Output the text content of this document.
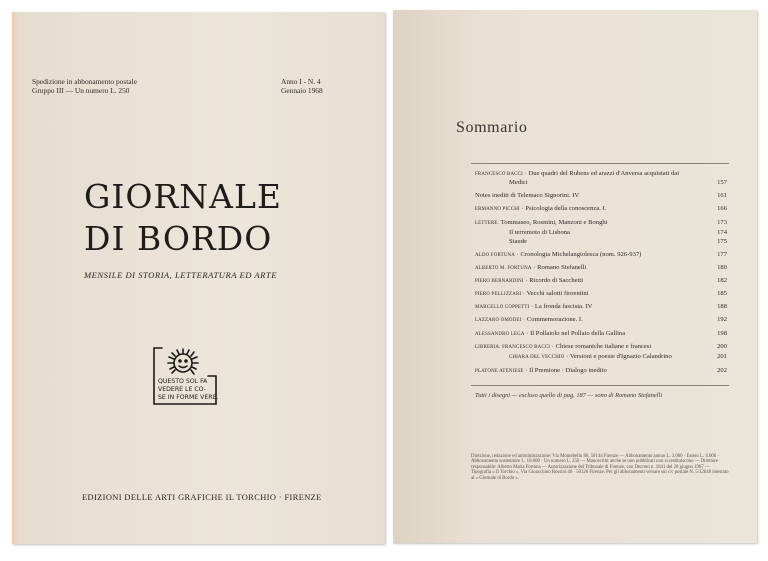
Spedizione in abbonamento postale
Gruppo III — Un numero L. 250
Anno I - N. 4
Gennaio 1968
GIORNALE
DI BORDO
MENSILE DI STORIA, LETTERATURA ED ARTE
QUESTO SOL FA
VEDERE LE CO-
SE IN FORME VERE.
EDIZIONI DELLE ARTI GRAFICHE IL TORCHIO · FIRENZE
Sommario
FRANCESCO BACCI · Due quadri del Rubens ed arazzi d'Anversa acquistati dai
Medici	157
Notes inediti di Telemaco Signorini. IV	161
ERMANNO PICCHI · Psicologia della conoscenza. I.	166
LETTERE: Tommaseo, Rosmini, Manzoni e Bonghi	173
Il terremoto di Lisbona	174
Staude	175
ALDO FORTUNA · Cronologia Michelangiolesca (nom. 926-937)	177
ALBERTO M. FORTUNA · Romano Stefanelli	180
PIERO BERNARDINI · Ricordo di Sacchetti	182
PIERO PELLIZZARI · Vecchi salotti fiorentini	185
MARCELLO COPPETTI · La fronda fascista. IV	188
LAZZARO OMODEI · Commemorazione. I.	192
ALESSANDRO LEGA · Il Pollaiolo nel Pollaio della Gallina	198
LIBRERIA: FRANCESCO BACCI · Chiese romaniche italiane e francesi	200
CHIARA DEL VECCHIO · Versioni e poesie d'Ignazio Calandrino	201
PLATONE ATENIESE · Il Premione · Dialogo inedito	202
Tutti i disegni — escluso quello di pag. 187 — sono di Romano Stefanelli
Direzione, redazione ed amministrazione: Via Montebello 86, 50144 Firenze — Abbonamento annuo L. 3.000 · Estero L. 4.000 · Abbonamento sostenitore L. 10.000 · Un numero L. 250 — Manoscritti anche se non pubblicati non si restituiscono — Direttore responsabile: Alberto Maria Fortuna — Autorizzazione del Tribunale di Firenze, con Decreto n. 1841 del 20 giugno 1967 — Tipografia « Il Torchio », Via Gioacchino Rossini 40 · 50126 Firenze. Per gli abbonamenti versare sul c/c postale N. 5/12648 intestato al « Giornale di Bordo ».
